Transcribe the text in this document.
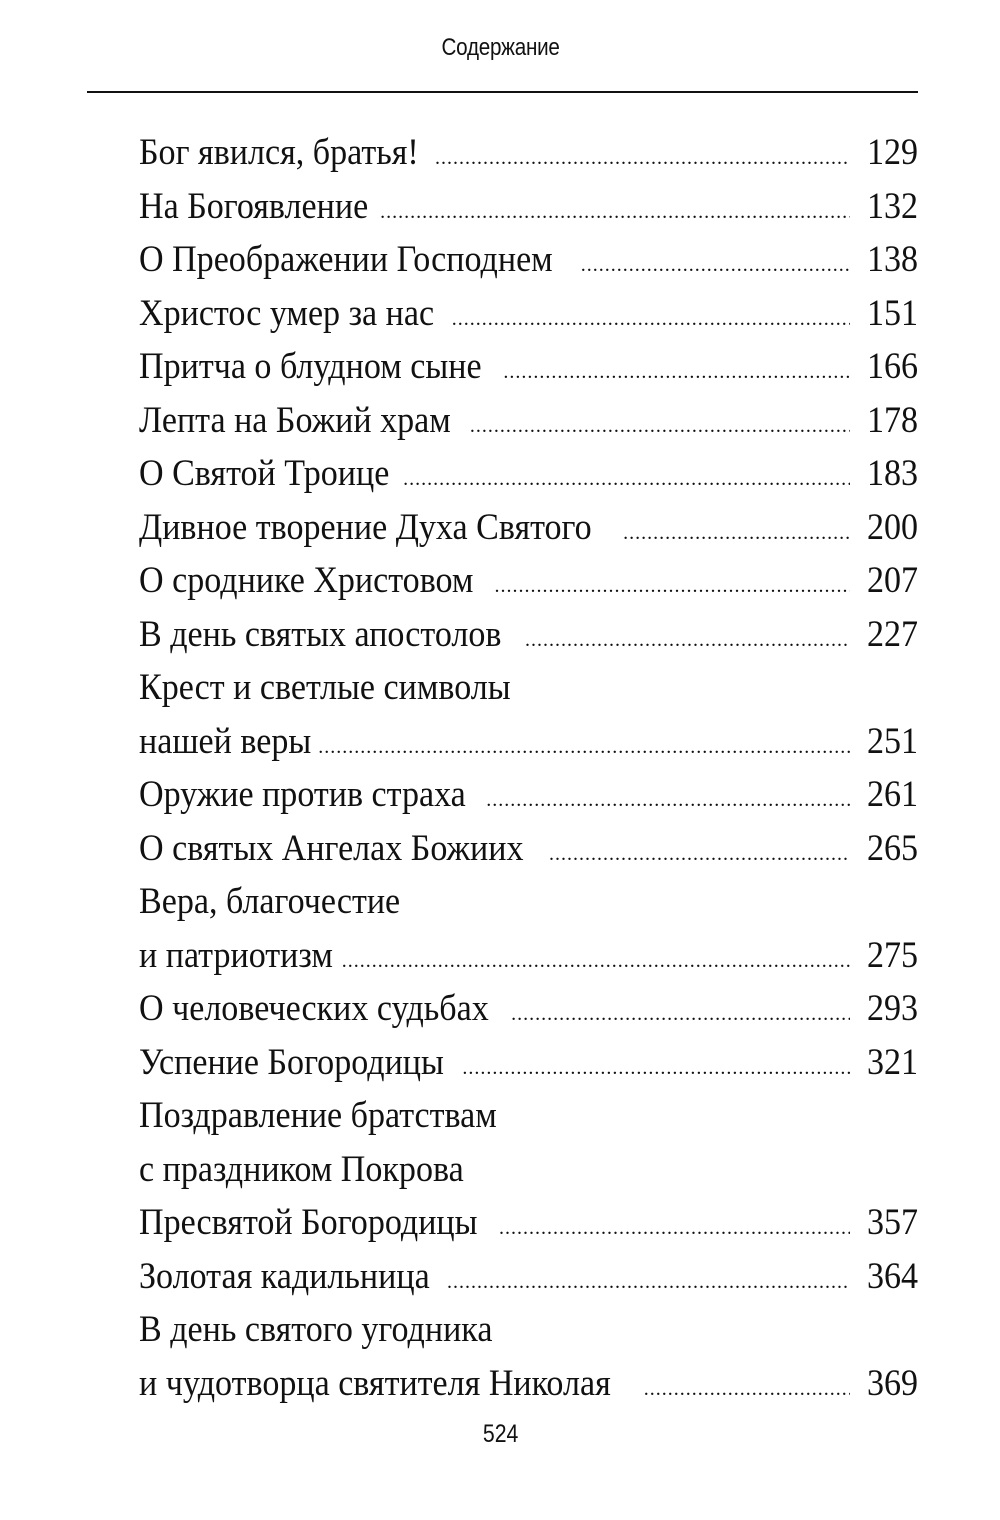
Содержание
Бог явился, братья! .....	129
На Богоявление .....	132
О Преображении Господнем .....	138
Христос умер за нас .....	151
Притча о блудном сыне .....	166
Лепта на Божий храм .....	178
О Святой Троице .....	183
Дивное творение Духа Святого .....	200
О сроднике Христовом .....	207
В день святых апостолов .....	227
Крест и светлые символы
нашей веры .....	251
Оружие против страха .....	261
О святых Ангелах Божиих .....	265
Вера, благочестие
и патриотизм .....	275
О человеческих судьбах .....	293
Успение Богородицы .....	321
Поздравление братствам
с праздником Покрова
Пресвятой Богородицы .....	357
Золотая кадильница .....	364
В день святого угодника
и чудотворца святителя Николая .....	369
524
